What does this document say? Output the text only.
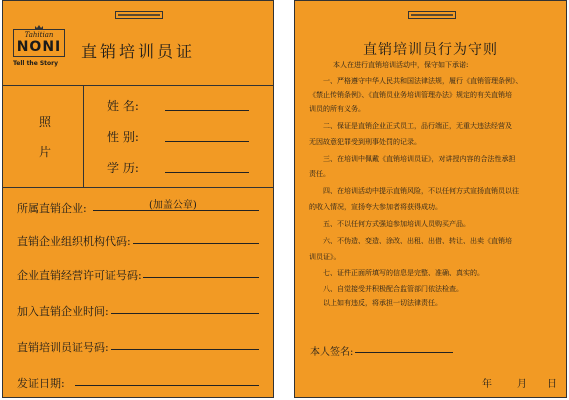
Tahitian
NONI
Tell the Story
直销培训员证
照
片
姓 名:
性 别:
学 历:
(加盖公章)
所属直销企业:
直销企业组织机构代码:
企业直销经营许可证号码:
加入直销企业时间:
直销培训员证号码:
发证日期:
直销培训员行为守则
本人在进行直销培训活动中，保守如下承诺:
一、严格遵守中华人民共和国法律法规，履行《直销管理条例》、
《禁止传销条例》、《直销员业务培训管理办法》规定的有关直销培
训员的所有义务。
二、保证是直销企业正式员工，品行端正，无重大违法经营及
无因故意犯罪受到刑事处罚的记录。
三、在培训中佩戴《直销培训员证》，对讲授内容的合法性承担
责任。
四、在培训活动中提示直销风险，不以任何方式宣扬直销员以往
的收入情况，宣扬夸大参加者将获得成功。
五、不以任何方式强迫参加培训人员购买产品。
六、不伪造、变造、涂改、出租、出借、转让、出卖《直销培
训员证》。
七、证件正面所填写的信息是完整、准确、真实的。
八、自觉接受并积极配合监管部门依法检查。
以上如有违反，将承担一切法律责任。
本人签名:
年	月 日
